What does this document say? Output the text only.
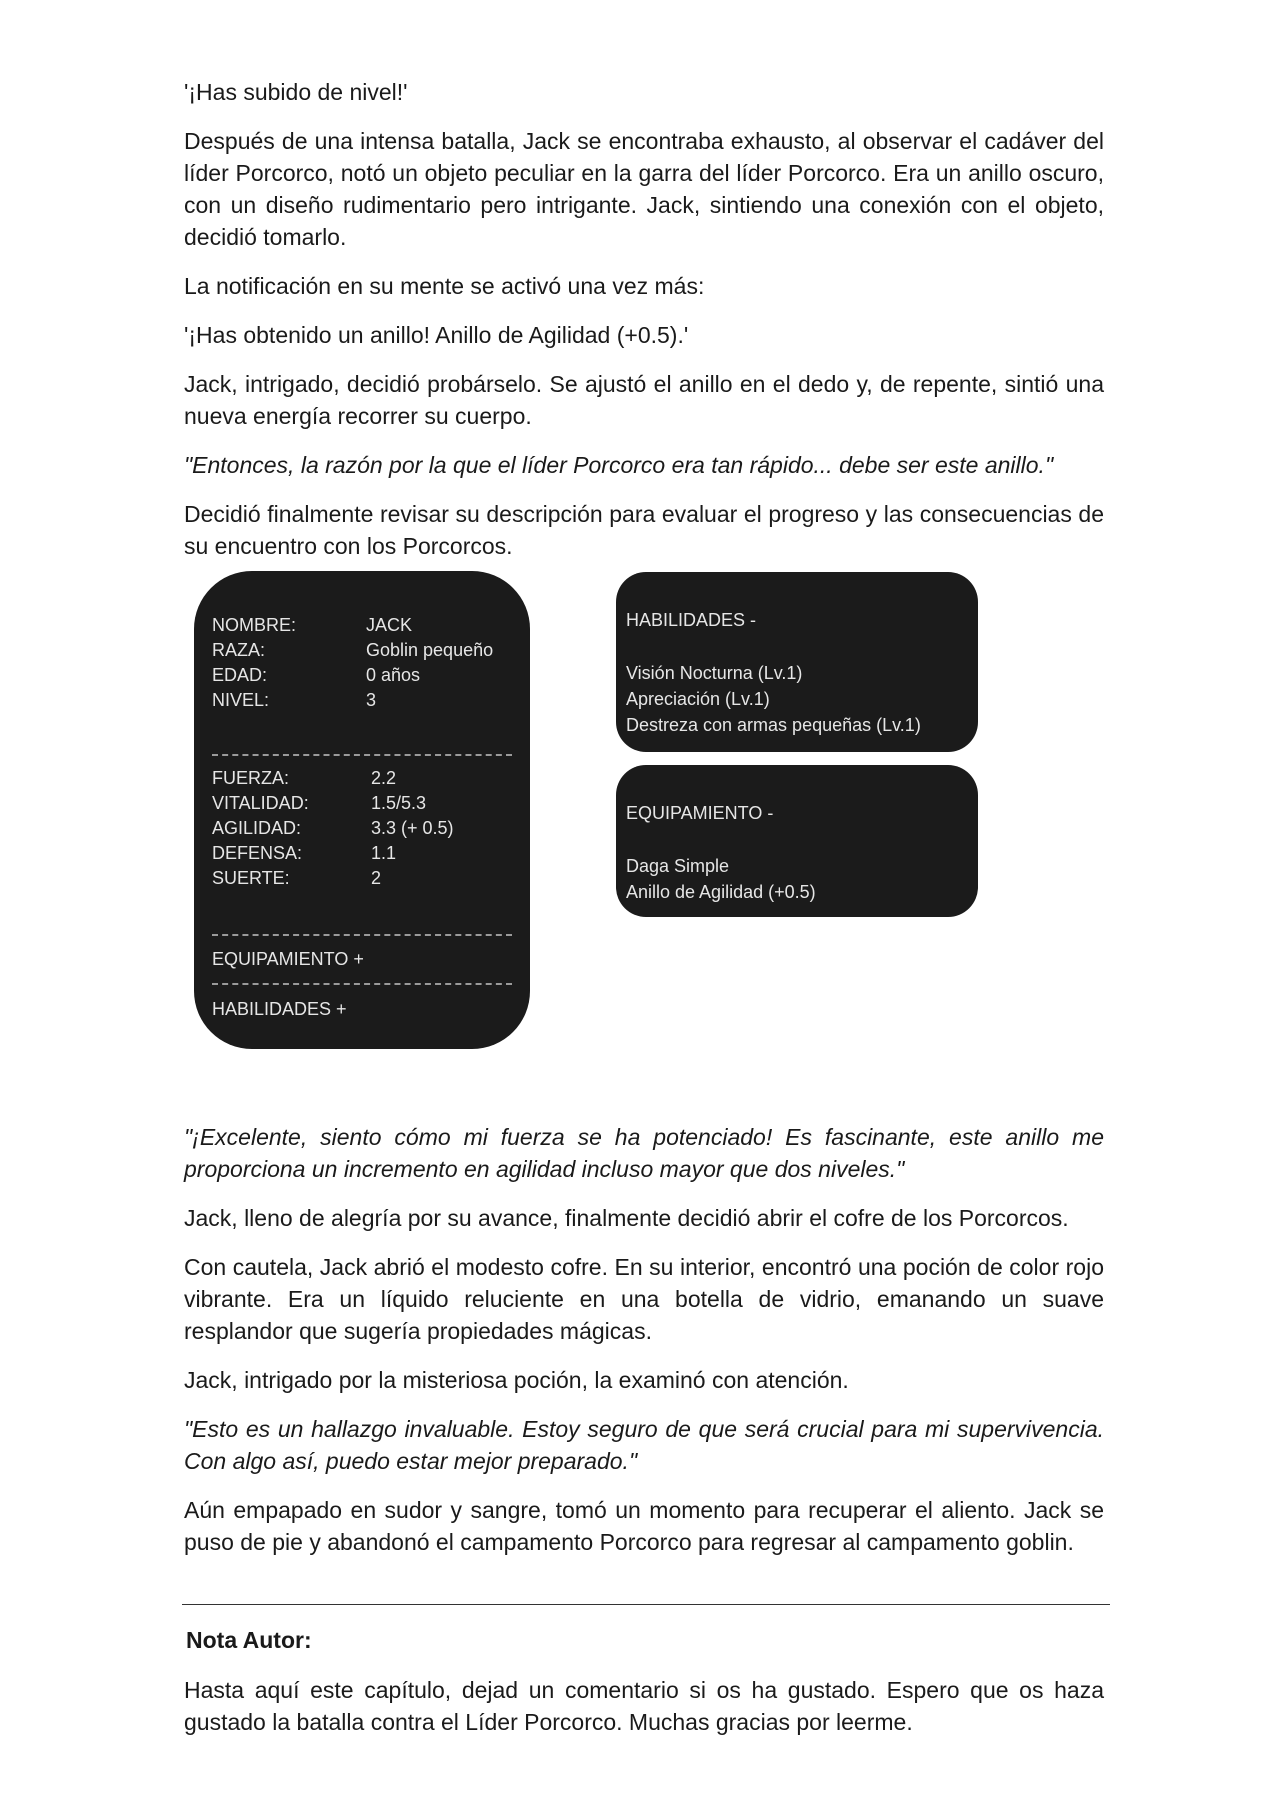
'¡Has subido de nivel!'

Después de una intensa batalla, Jack se encontraba exhausto, al observar el cadáver del líder Porcorco, notó un objeto peculiar en la garra del líder Porcorco. Era un anillo oscuro, con un diseño rudimentario pero intrigante. Jack, sintiendo una conexión con el objeto, decidió tomarlo.

La notificación en su mente se activó una vez más:

'¡Has obtenido un anillo! Anillo de Agilidad (+0.5).'

Jack, intrigado, decidió probárselo. Se ajustó el anillo en el dedo y, de repente, sintió una nueva energía recorrer su cuerpo.

"Entonces, la razón por la que el líder Porcorco era tan rápido... debe ser este anillo."

Decidió finalmente revisar su descripción para evaluar el progreso y las consecuencias de su encuentro con los Porcorcos.

NOMBRE:	JACK
RAZA:	Goblin pequeño
EDAD:	0 años
NIVEL:	3
FUERZA:	2.2
VITALIDAD:	1.5/5.3
AGILIDAD:	3.3 (+ 0.5)
DEFENSA:	1.1
SUERTE:	2
EQUIPAMIENTO +
HABILIDADES +
HABILIDADES -
Visión Nocturna (Lv.1)
Apreciación (Lv.1)
Destreza con armas pequeñas (Lv.1)
EQUIPAMIENTO -
Daga Simple
Anillo de Agilidad (+0.5)

"¡Excelente, siento cómo mi fuerza se ha potenciado! Es fascinante, este anillo me proporciona un incremento en agilidad incluso mayor que dos niveles."

Jack, lleno de alegría por su avance, finalmente decidió abrir el cofre de los Porcorcos.

Con cautela, Jack abrió el modesto cofre. En su interior, encontró una poción de color rojo vibrante. Era un líquido reluciente en una botella de vidrio, emanando un suave resplandor que sugería propiedades mágicas.

Jack, intrigado por la misteriosa poción, la examinó con atención.

"Esto es un hallazgo invaluable. Estoy seguro de que será crucial para mi supervivencia. Con algo así, puedo estar mejor preparado."

Aún empapado en sudor y sangre, tomó un momento para recuperar el aliento. Jack se puso de pie y abandonó el campamento Porcorco para regresar al campamento goblin.

Nota Autor:

Hasta aquí este capítulo, dejad un comentario si os ha gustado. Espero que os haza gustado la batalla contra el Líder Porcorco. Muchas gracias por leerme.
